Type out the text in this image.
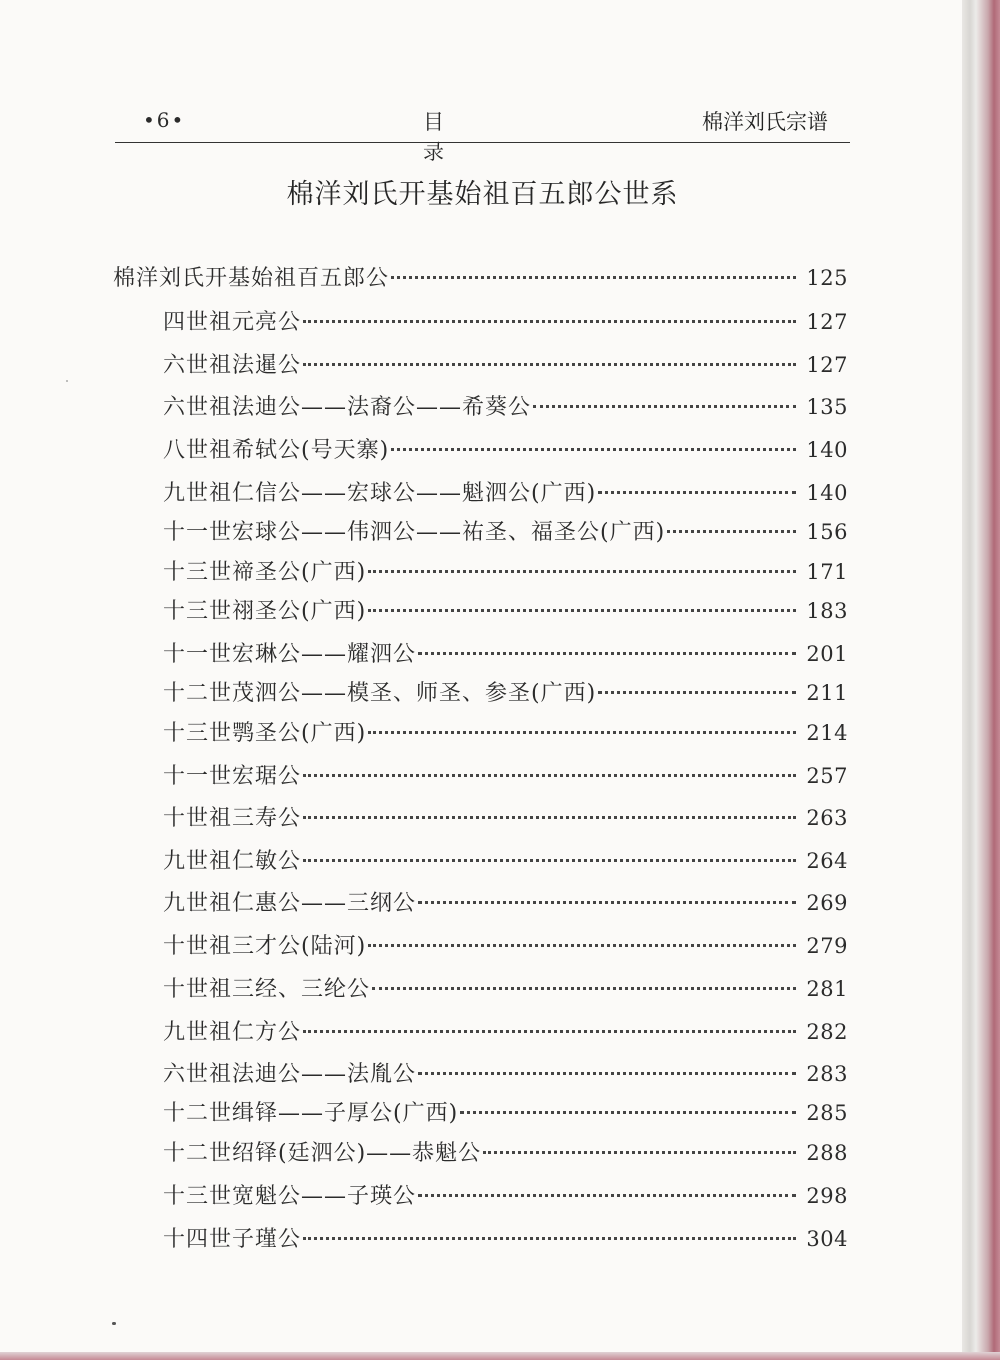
•6•	目录
棉洋刘氏宗谱
棉洋刘氏开基始祖百五郎公世系
棉洋刘氏开基始祖百五郎公	125
四世祖元亮公	127
六世祖法暹公	127
六世祖法迪公——法裔公——希葵公	135
八世祖希轼公(号天寨)	140
九世祖仁信公——宏球公——魁泗公(广西)	140
十一世宏球公——伟泗公——祐圣、福圣公(广西)	156
十三世禘圣公(广西)	171
十三世祤圣公(广西)	183
十一世宏琳公——耀泗公	201
十二世茂泗公——模圣、师圣、参圣(广西)	211
十三世鹗圣公(广西)	214
十一世宏琚公	257
十世祖三寿公	263
九世祖仁敏公	264
九世祖仁惠公——三纲公	269
十世祖三才公(陆河)	279
十世祖三经、三纶公	281
九世祖仁方公	282
六世祖法迪公——法胤公	283
十二世缉铎——子厚公(广西)	285
十二世绍铎(廷泗公)——恭魁公	288
十三世宽魁公——子瑛公	298
十四世子瑾公	304
